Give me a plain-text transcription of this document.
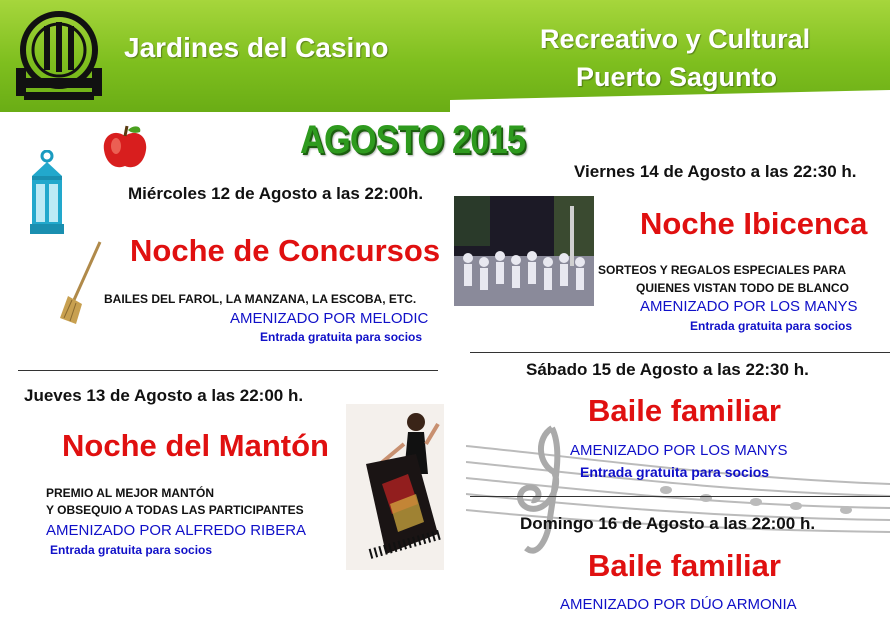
Jardines del Casino	Recreativo y Cultural
Puerto Sagunto
AGOSTO 2015
Miércoles 12 de Agosto a las 22:00h.
Noche de Concursos
BAILES DEL FAROL, LA MANZANA, LA ESCOBA, ETC.
AMENIZADO POR MELODIC
Entrada gratuita para socios
Jueves 13 de Agosto a las 22:00 h.
Noche del Mantón
PREMIO AL MEJOR MANTÓN
Y OBSEQUIO A TODAS LAS PARTICIPANTES
AMENIZADO POR ALFREDO RIBERA
Entrada gratuita para socios
Viernes 14 de Agosto a las 22:30 h.
Noche Ibicenca
SORTEOS Y REGALOS ESPECIALES PARA
QUIENES VISTAN TODO DE BLANCO
AMENIZADO POR LOS MANYS
Entrada gratuita para socios
Sábado 15 de Agosto a las 22:30 h.
Baile familiar
AMENIZADO POR LOS MANYS
Entrada gratuita para socios
Domingo 16 de Agosto a las 22:00 h.
Baile familiar
AMENIZADO POR DÚO ARMONIA
